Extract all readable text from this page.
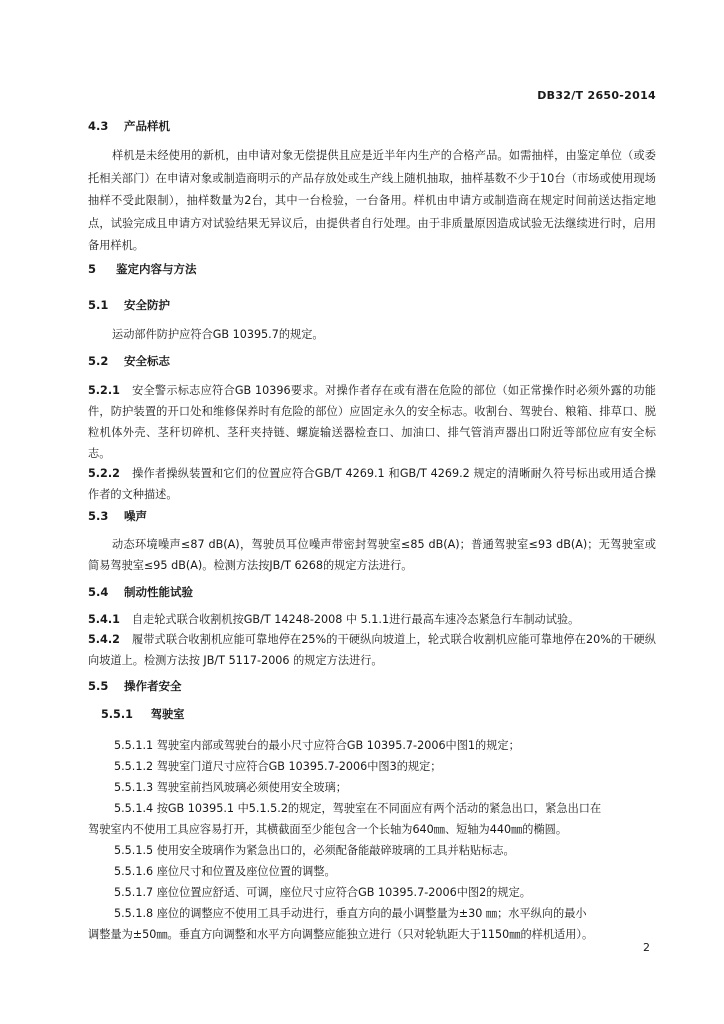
DB32/T 2650-2014
4.3 产品样机
样机是未经使用的新机，由申请对象无偿提供且应是近半年内生产的合格产品。如需抽样，由鉴定单位（或委托相关部门）在申请对象或制造商明示的产品存放处或生产线上随机抽取，抽样基数不少于10台（市场或使用现场抽样不受此限制），抽样数量为2台，其中一台检验，一台备用。样机由申请方或制造商在规定时间前送达指定地点，试验完成且申请方对试验结果无异议后，由提供者自行处理。由于非质量原因造成试验无法继续进行时，启用备用样机。
5 鉴定内容与方法
5.1 安全防护
运动部件防护应符合GB 10395.7的规定。
5.2 安全标志
5.2.1 安全警示标志应符合GB 10396要求。对操作者存在或有潜在危险的部位（如正常操作时必须外露的功能件，防护装置的开口处和维修保养时有危险的部位）应固定永久的安全标志。收割台、驾驶台、粮箱、排草口、脱粒机体外壳、茎秆切碎机、茎秆夹持链、螺旋输送器检查口、加油口、排气管消声器出口附近等部位应有安全标志。
5.2.2 操作者操纵装置和它们的位置应符合GB/T 4269.1 和GB/T 4269.2 规定的清晰耐久符号标出或用适合操作者的文种描述。
5.3 噪声
动态环境噪声≤87 dB(A)，驾驶员耳位噪声带密封驾驶室≤85 dB(A)；普通驾驶室≤93 dB(A)；无驾驶室或简易驾驶室≤95 dB(A)。检测方法按JB/T 6268的规定方法进行。
5.4 制动性能试验
5.4.1 自走轮式联合收割机按GB/T 14248-2008 中 5.1.1进行最高车速冷态紧急行车制动试验。
5.4.2 履带式联合收割机应能可靠地停在25%的干硬纵向坡道上，轮式联合收割机应能可靠地停在20%的干硬纵向坡道上。检测方法按 JB/T 5117-2006 的规定方法进行。
5.5 操作者安全
5.5.1 驾驶室
5.5.1.1 驾驶室内部或驾驶台的最小尺寸应符合GB 10395.7-2006中图1的规定；
5.5.1.2 驾驶室门道尺寸应符合GB 10395.7-2006中图3的规定；
5.5.1.3 驾驶室前挡风玻璃必须使用安全玻璃；
5.5.1.4 按GB 10395.1 中5.1.5.2的规定，驾驶室在不同面应有两个活动的紧急出口，紧急出口在
驾驶室内不使用工具应容易打开，其横截面至少能包含一个长轴为640㎜、短轴为440㎜的椭圆。
5.5.1.5 使用安全玻璃作为紧急出口的，必须配备能敲碎玻璃的工具并粘贴标志。
5.5.1.6 座位尺寸和位置及座位位置的调整。
5.5.1.7 座位位置应舒适、可调，座位尺寸应符合GB 10395.7-2006中图2的规定。
5.5.1.8 座位的调整应不使用工具手动进行，垂直方向的最小调整量为±30 ㎜；水平纵向的最小
调整量为±50㎜。垂直方向调整和水平方向调整应能独立进行（只对轮轨距大于1150㎜的样机适用）。
2
